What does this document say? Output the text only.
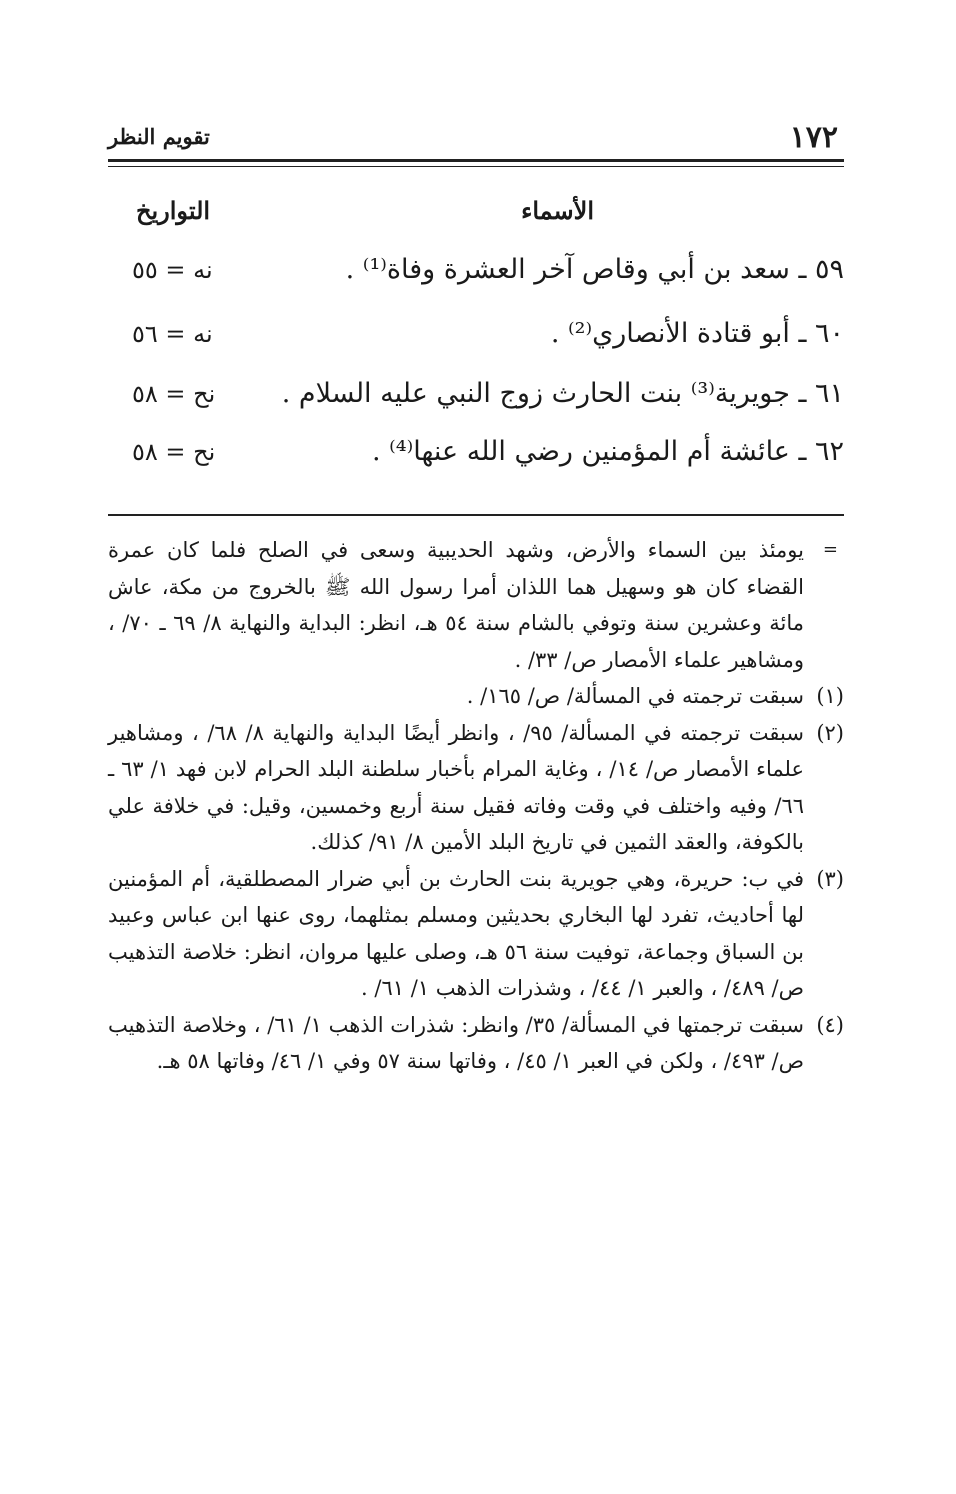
١٧٢
تقويم النظر
الأسماء
التواريخ
٥٩ ـ سعد بن أبي وقاص آخر العشرة وفاة⁽¹⁾ .
نه = ٥٥
٦٠ ـ أبو قتادة الأنصاري⁽²⁾ .
نه = ٥٦
٦١ ـ جويرية⁽³⁾ بنت الحارث زوج النبي عليه السلام .
نح = ٥٨
٦٢ ـ عائشة أم المؤمنين رضي الله عنها⁽⁴⁾ .
نح = ٥٨
=
يومئذ بين السماء والأرض، وشهد الحديبية وسعى في الصلح فلما كان عمرة القضاء كان هو وسهيل هما اللذان أمرا رسول الله ﷺ بالخروج من مكة، عاش مائة وعشرين سنة وتوفي بالشام سنة ٥٤ هـ، انظر: البداية والنهاية ٨/ ٦٩ ـ ٧٠/ ، ومشاهير علماء الأمصار ص/ ٣٣/ .
(١)
سبقت ترجمته في المسألة/ ص/ ١٦٥/ .
(٢)
سبقت ترجمته في المسألة/ ٩٥/ ، وانظر أيضًا البداية والنهاية ٨/ ٦٨/ ، ومشاهير علماء الأمصار ص/ ١٤/ ، وغاية المرام بأخبار سلطنة البلد الحرام لابن فهد ١/ ٦٣ ـ ٦٦/ وفيه واختلف في وقت وفاته فقيل سنة أربع وخمسين، وقيل: في خلافة علي بالكوفة، والعقد الثمين في تاريخ البلد الأمين ٨/ ٩١/ كذلك.
(٣)
في ب: حريرة، وهي جويرية بنت الحارث بن أبي ضرار المصطلقية، أم المؤمنين لها أحاديث، تفرد لها البخاري بحديثين ومسلم بمثلهما، روى عنها ابن عباس وعبيد بن السباق وجماعة، توفيت سنة ٥٦ هـ، وصلى عليها مروان، انظر: خلاصة التذهيب ص/ ٤٨٩/ ، والعبر ١/ ٤٤/ ، وشذرات الذهب ١/ ٦١/ .
(٤)
سبقت ترجمتها في المسألة/ ٣٥/ وانظر: شذرات الذهب ١/ ٦١/ ، وخلاصة التذهيب ص/ ٤٩٣/ ، ولكن في العبر ١/ ٤٥/ ، وفاتها سنة ٥٧ وفي ١/ ٤٦/ وفاتها ٥٨ هـ.
